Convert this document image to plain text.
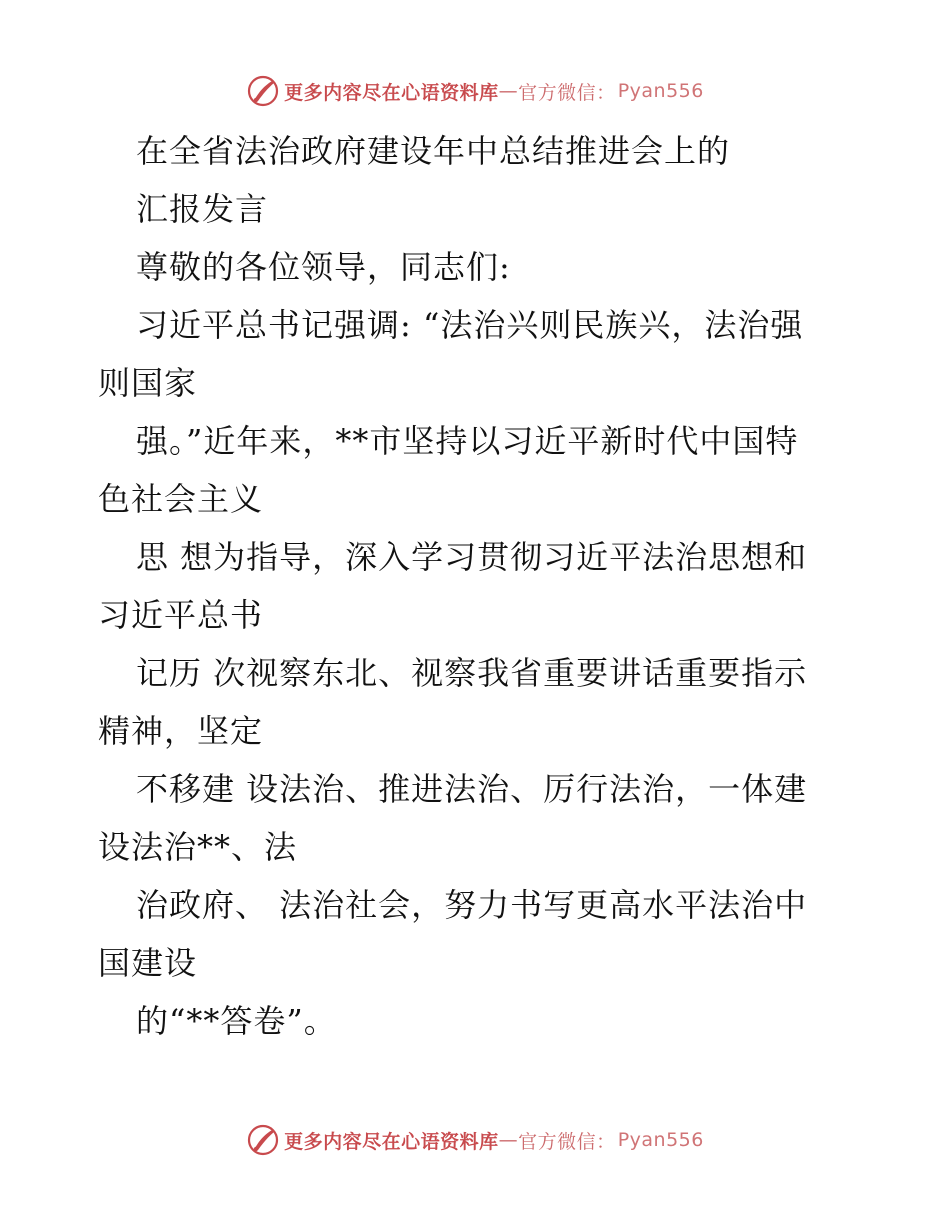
更多内容尽在心语资料库 — 官方微信： Pyan556
在全省法治政府建设年中总结推进会上的
汇报发言
尊敬的各位领导，同志们:
习近平总书记强调: “法治兴则民族兴，法治强
则国家
强。”近年来，**市坚持以习近平新时代中国特
色社会主义
思 想为指导，深入学习贯彻习近平法治思想和
习近平总书
记历 次视察东北、视察我省重要讲话重要指示
精神，坚定
不移建 设法治、推进法治、厉行法治，一体建
设法治**、法
治政府、 法治社会，努力书写更高水平法治中
国建设
的“**答卷”。
更多内容尽在心语资料库 — 官方微信： Pyan556
